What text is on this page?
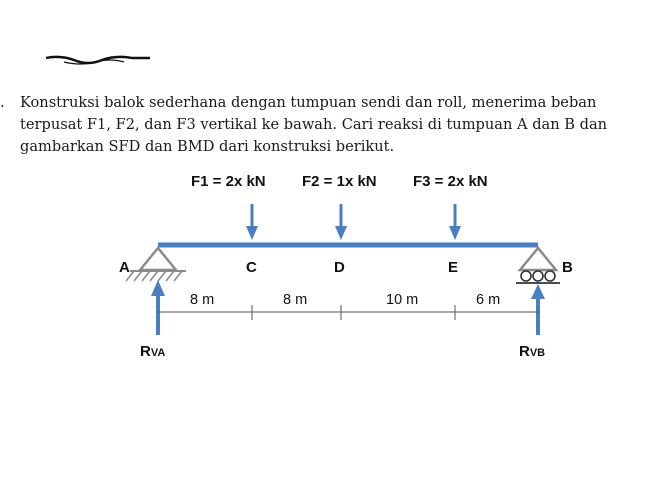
F1 = 2x kN F2 = 1x kN F3 = 2x kN
A	C	D	E	B
8 m	8 m	10 m	6 m
RVA	RVB
.	Konstruksi balok sederhana dengan tumpuan sendi dan roll, menerima beban
terpusat F1, F2, dan F3 vertikal ke bawah. Cari reaksi di tumpuan A dan B dan
gambarkan SFD dan BMD dari konstruksi berikut.
